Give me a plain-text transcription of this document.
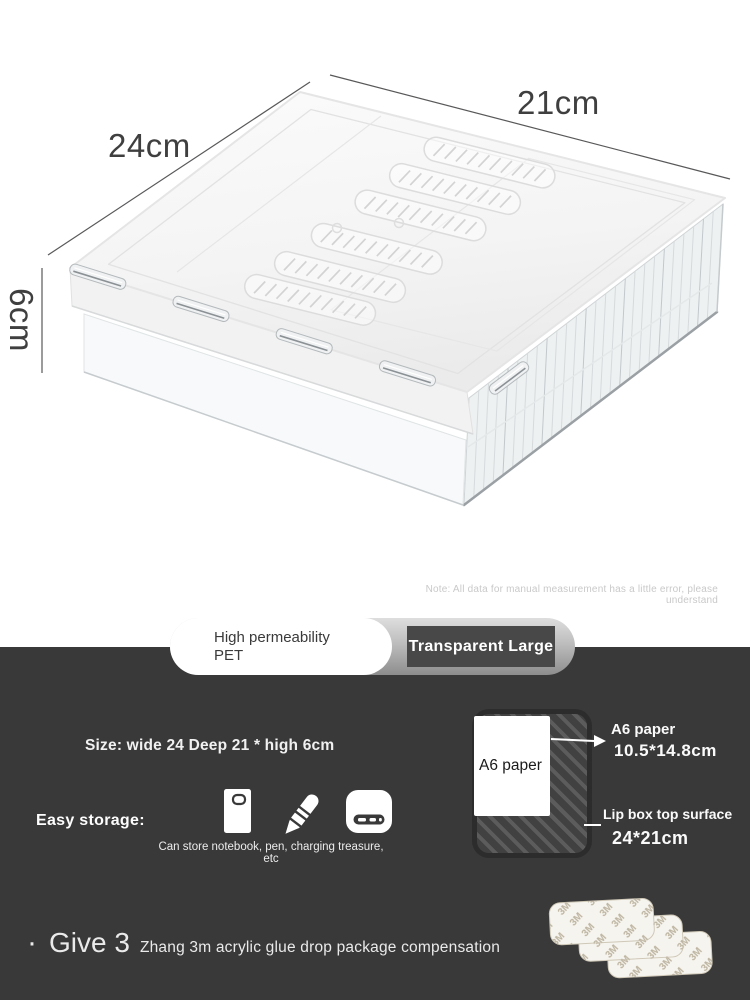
24cm
21cm
6cm
Note: All data for manual measurement has a little error, please understand
High permeability
PET
Transparent Large
Size: wide 24 Deep 21 * high 6cm
Easy storage:
Can store notebook, pen, charging treasure, etc
A6 paper
A6 paper
10.5*14.8cm
Lip box top surface
24*21cm
· Give 3 Zhang 3m acrylic glue drop package compensation
